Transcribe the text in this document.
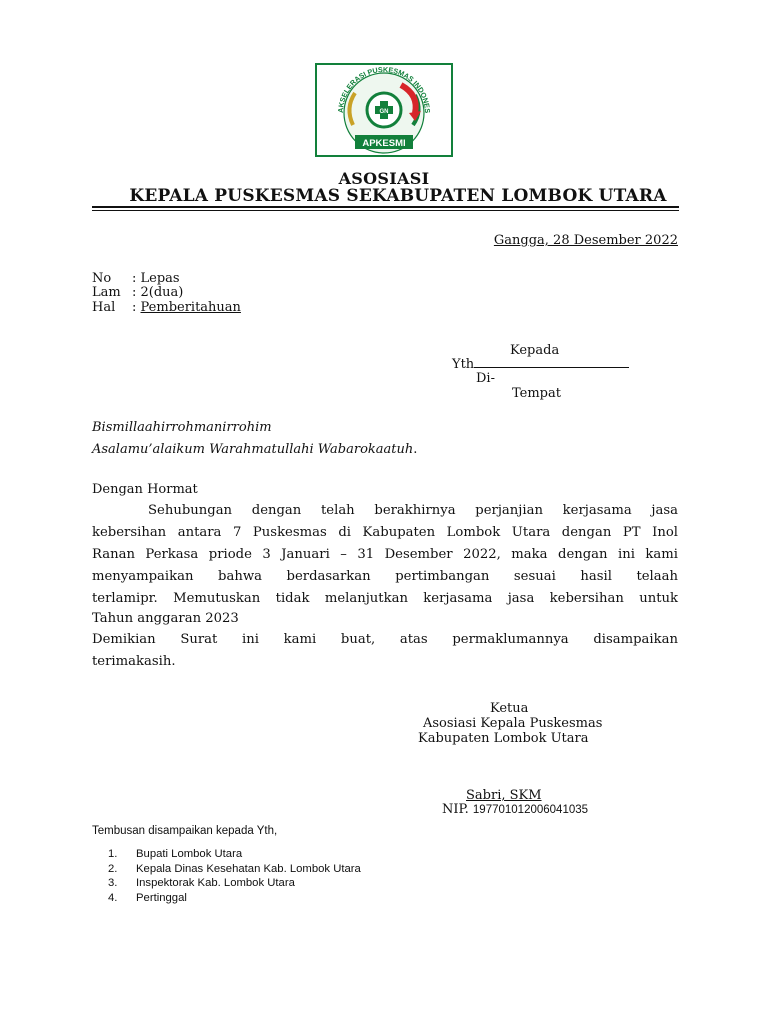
AKSELERASI PUSKESMAS INDONES
GN
APKESMI
ASOSIASI
KEPALA PUSKESMAS SEKABUPATEN LOMBOK UTARA
Gangga, 28 Desember 2022
No : Lepas
Lam : 2(dua)
Hal : Pemberitahuan
Kepada
Yth
Di-
Tempat
Bismillaahirrohmanirrohim
Asalamu’alaikum Warahmatullahi Wabarokaatuh.
Dengan Hormat
Sehubungan dengan telah berakhirnya perjanjian kerjasama jasa
kebersihan antara 7 Puskesmas di Kabupaten Lombok Utara dengan PT Inol
Ranan Perkasa priode 3 Januari – 31 Desember 2022, maka dengan ini kami
menyampaikan bahwa berdasarkan pertimbangan sesuai hasil telaah
terlamipr. Memutuskan tidak melanjutkan kerjasama jasa kebersihan untuk
Tahun anggaran 2023
Demikian Surat ini kami buat, atas permaklumannya disampaikan
terimakasih.
Ketua
Asosiasi Kepala Puskesmas
Kabupaten Lombok Utara
Sabri, SKM
NIP. 197701012006041035
Tembusan disampaikan kepada Yth,
1. Bupati Lombok Utara
2. Kepala Dinas Kesehatan Kab. Lombok Utara
3. Inspektorak Kab. Lombok Utara
4. Pertinggal
